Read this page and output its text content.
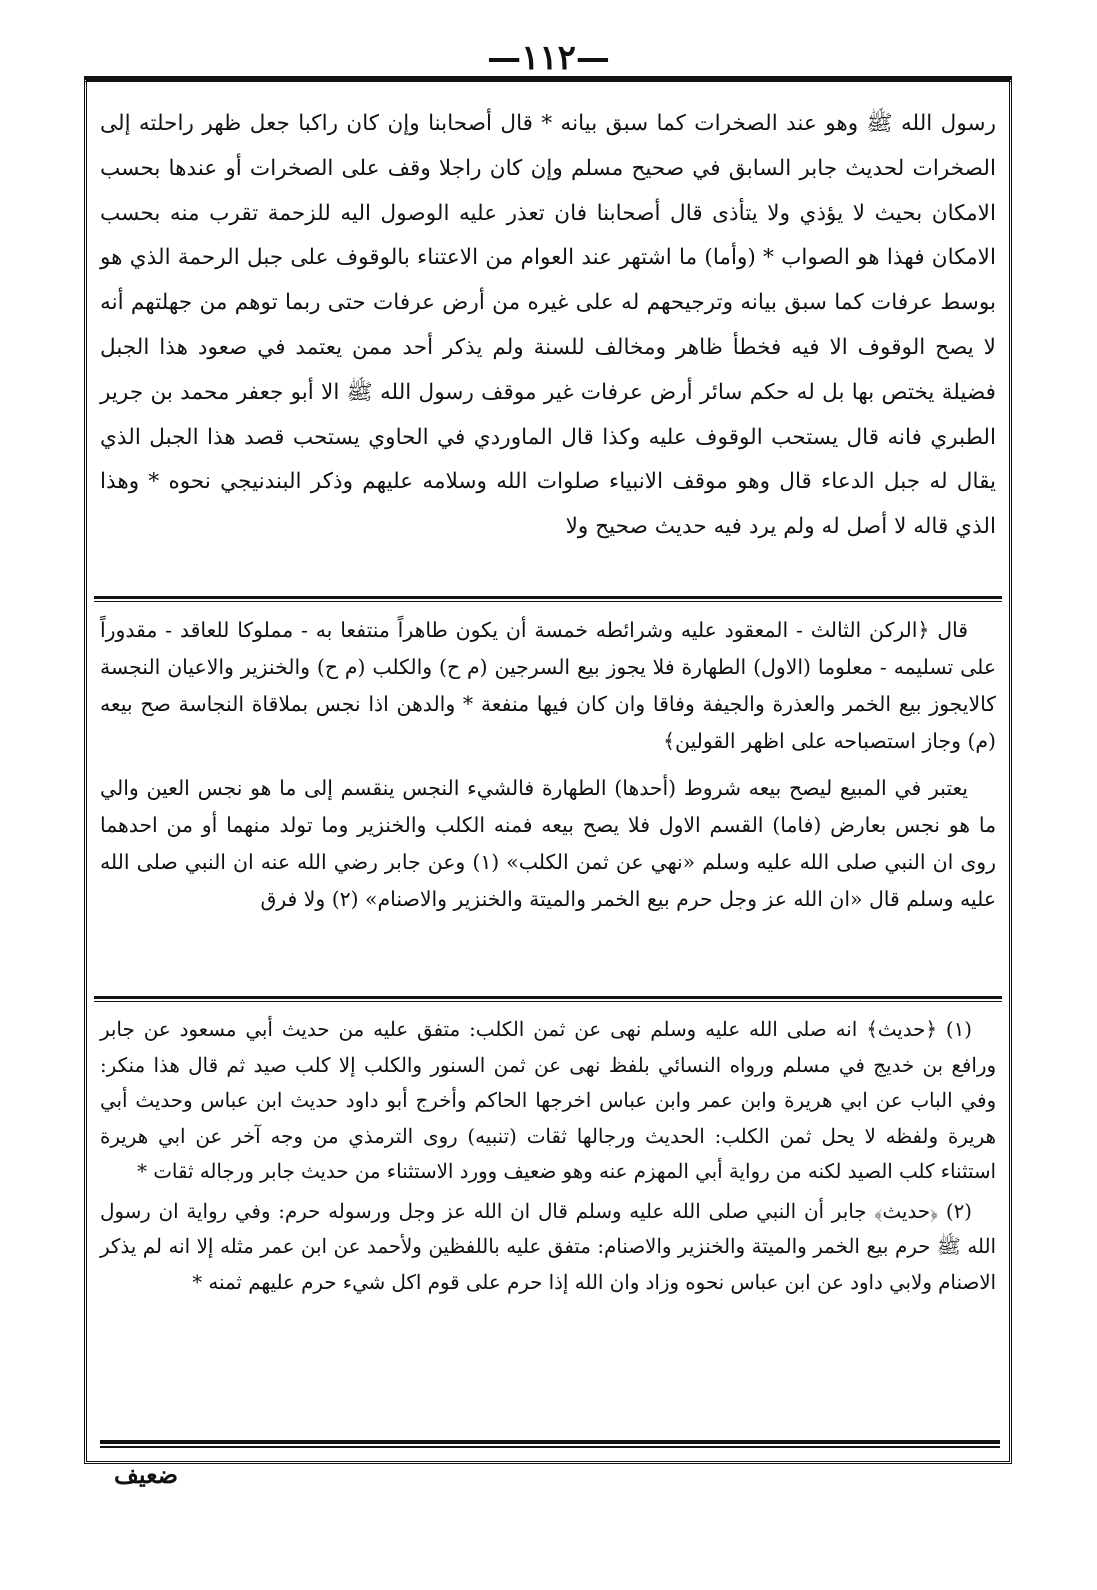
—١١٢—

رسول الله ﷺ وهو عند الصخرات كما سبق بيانه * قال أصحابنا وإن كان راكبا جعل ظهر راحلته إلى الصخرات لحديث جابر السابق في صحيح مسلم وإن كان راجلا وقف على الصخرات أو عندها بحسب الامكان بحيث لا يؤذي ولا يتأذى قال أصحابنا فان تعذر عليه الوصول اليه للزحمة تقرب منه بحسب الامكان فهذا هو الصواب * (وأما) ما اشتهر عند العوام من الاعتناء بالوقوف على جبل الرحمة الذي هو بوسط عرفات كما سبق بيانه وترجيحهم له على غيره من أرض عرفات حتى ربما توهم من جهلتهم أنه لا يصح الوقوف الا فيه فخطأ ظاهر ومخالف للسنة ولم يذكر أحد ممن يعتمد في صعود هذا الجبل فضيلة يختص بها بل له حكم سائر أرض عرفات غير موقف رسول الله ﷺ الا أبو جعفر محمد بن جرير الطبري فانه قال يستحب الوقوف عليه وكذا قال الماوردي في الحاوي يستحب قصد هذا الجبل الذي يقال له جبل الدعاء قال وهو موقف الانبياء صلوات الله وسلامه عليهم وذكر البندنيجي نحوه * وهذا الذي قاله لا أصل له ولم يرد فيه حديث صحيح ولا

قال ﴿الركن الثالث - المعقود عليه وشرائطه خمسة أن يكون طاهراً منتفعا به - مملوكا للعاقد - مقدوراً على تسليمه - معلوما (الاول) الطهارة فلا يجوز بيع السرجين (م ح) والكلب (م ح) والخنزير والاعيان النجسة كالايجوز بيع الخمر والعذرة والجيفة وفاقا وان كان فيها منفعة * والدهن اذا نجس بملاقاة النجاسة صح بيعه (م) وجاز استصباحه على اظهر القولين﴾

يعتبر في المبيع ليصح بيعه شروط (أحدها) الطهارة فالشيء النجس ينقسم إلى ما هو نجس العين والي ما هو نجس بعارض (فاما) القسم الاول فلا يصح بيعه فمنه الكلب والخنزير وما تولد منهما أو من احدهما روى ان النبي صلى الله عليه وسلم «نهي عن ثمن الكلب» (١) وعن جابر رضي الله عنه ان النبي صلى الله عليه وسلم قال «ان الله عز وجل حرم بيع الخمر والميتة والخنزير والاصنام» (٢) ولا فرق

(١) ﴿حديث﴾ انه صلى الله عليه وسلم نهى عن ثمن الكلب: متفق عليه من حديث أبي مسعود عن جابر ورافع بن خديج في مسلم ورواه النسائي بلفظ نهى عن ثمن السنور والكلب إلا كلب صيد ثم قال هذا منكر: وفي الباب عن ابي هريرة وابن عمر وابن عباس اخرجها الحاكم وأخرج أبو داود حديث ابن عباس وحديث أبي هريرة ولفظه لا يحل ثمن الكلب: الحديث ورجالها ثقات (تنبيه) روى الترمذي من وجه آخر عن ابي هريرة استثناء كلب الصيد لكنه من رواية أبي المهزم عنه وهو ضعيف وورد الاستثناء من حديث جابر ورجاله ثقات *

(٢) ﴿حديث﴾ جابر أن النبي صلى الله عليه وسلم قال ان الله عز وجل ورسوله حرم: وفي رواية ان رسول الله ﷺ حرم بيع الخمر والميتة والخنزير والاصنام: متفق عليه باللفظين ولأحمد عن ابن عمر مثله إلا انه لم يذكر الاصنام ولابي داود عن ابن عباس نحوه وزاد وان الله إذا حرم على قوم اكل شيء حرم عليهم ثمنه *

ضعيف
